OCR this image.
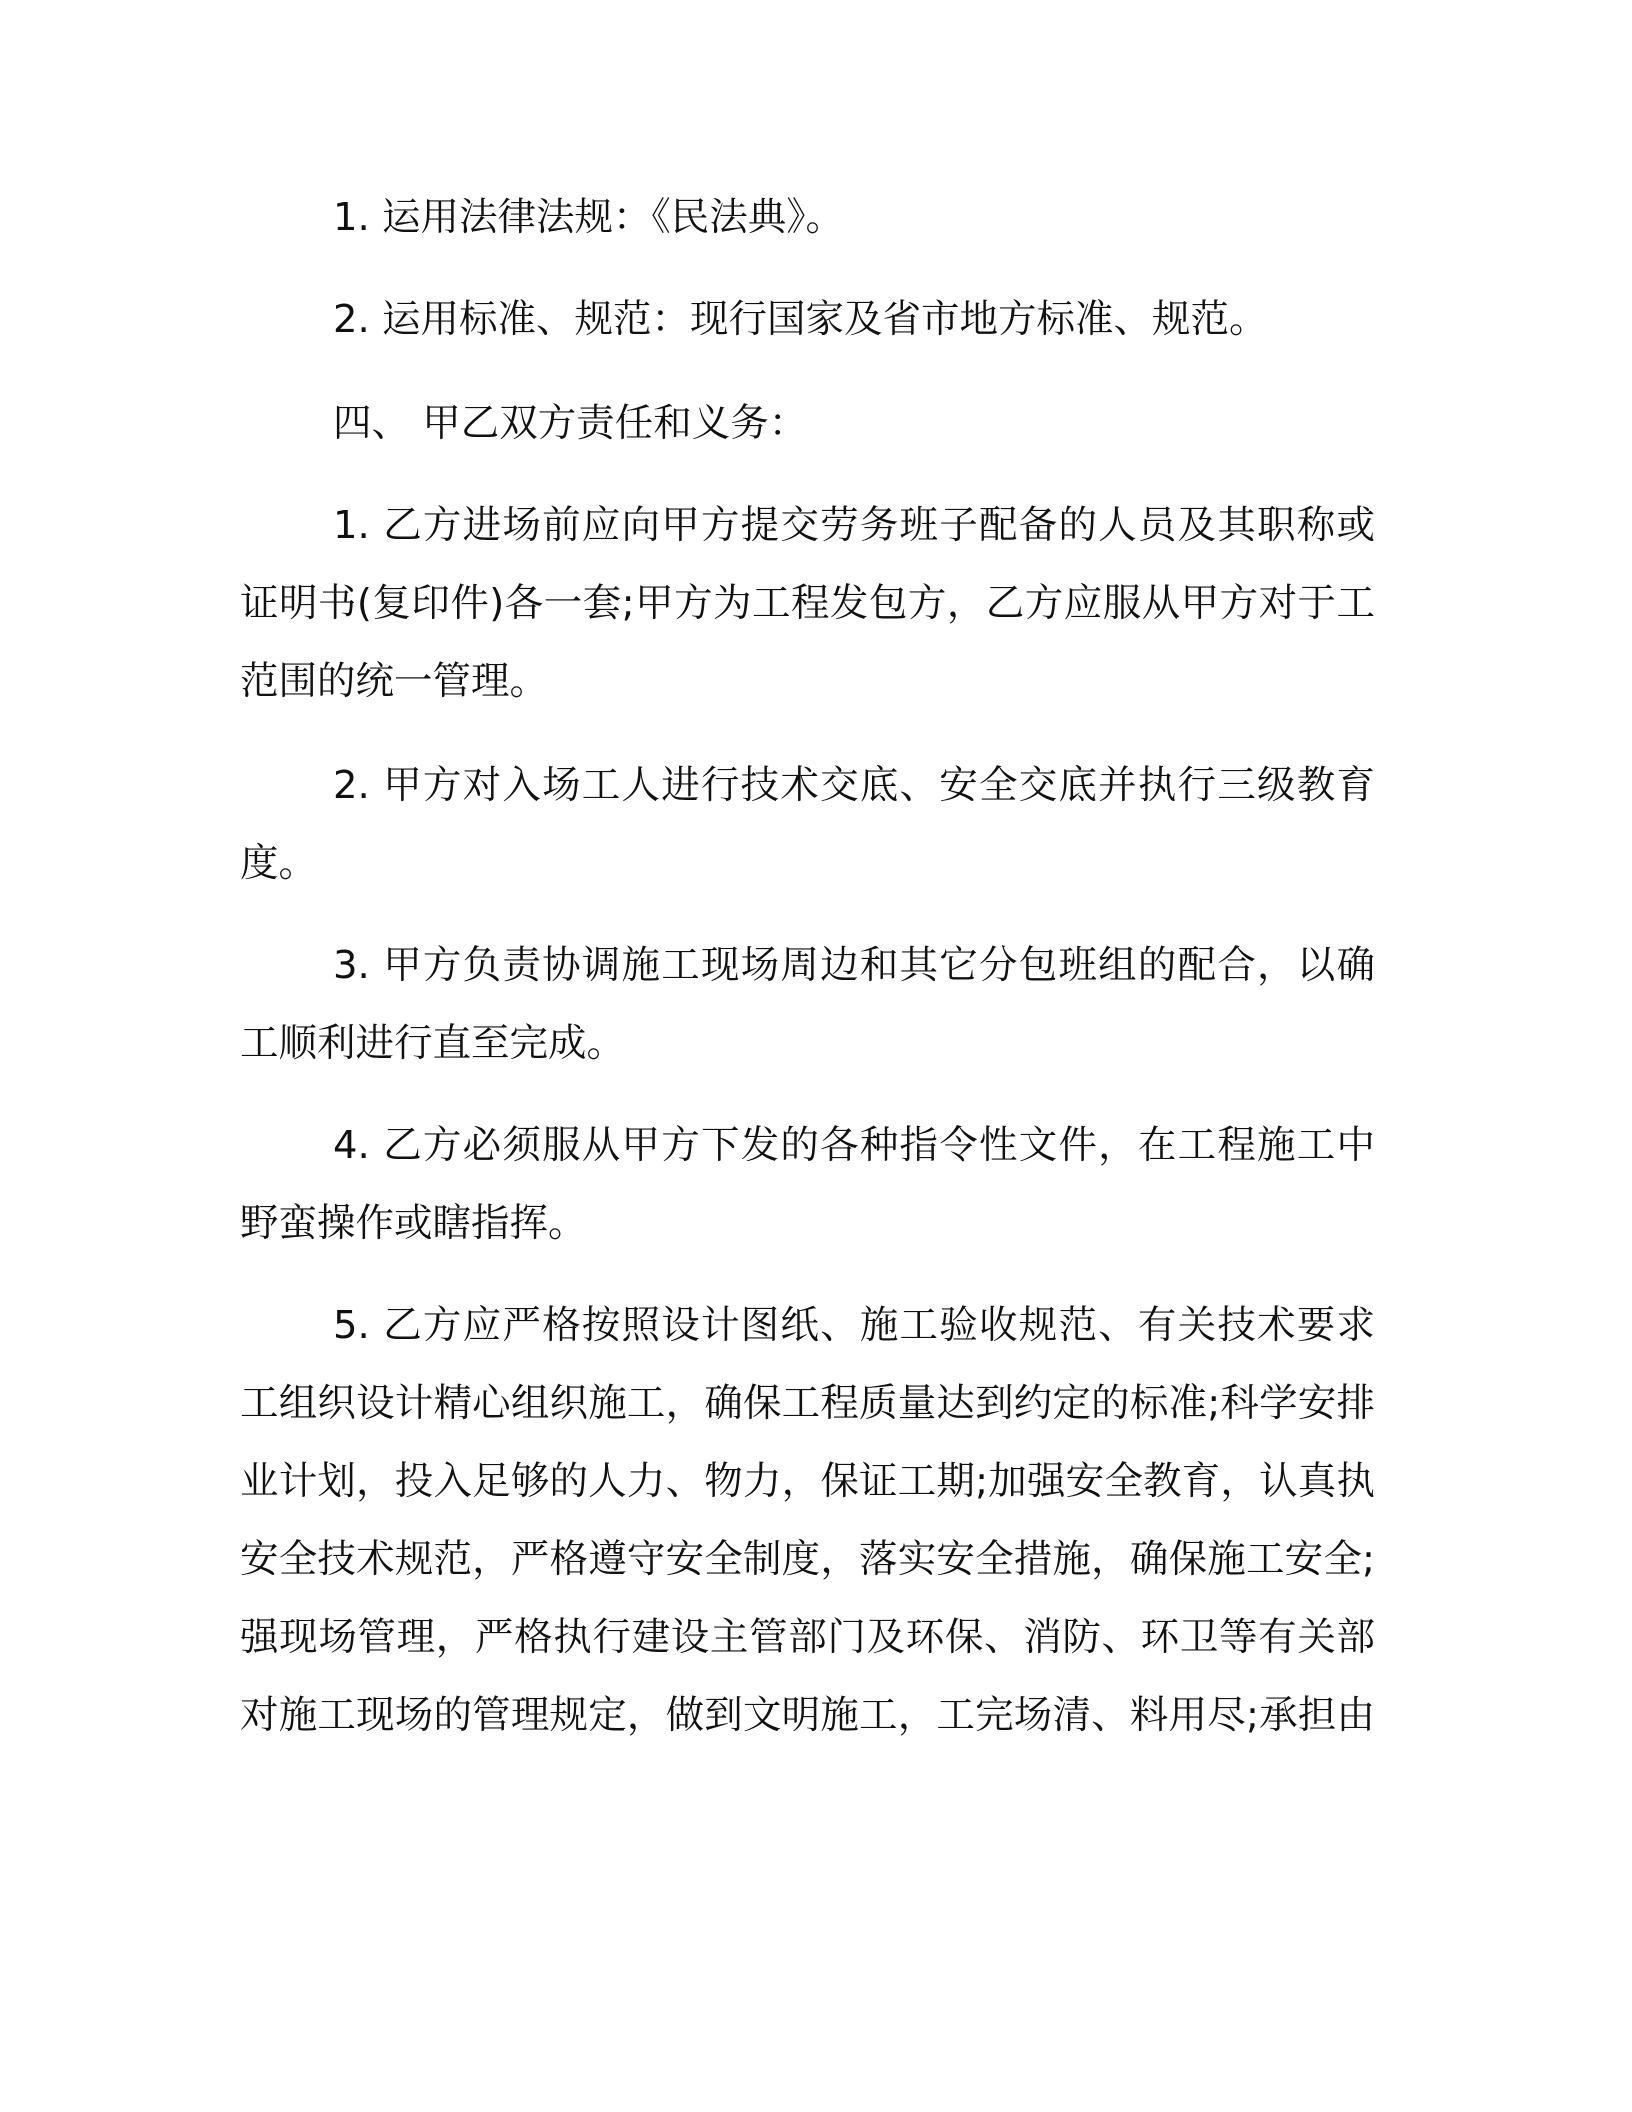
1. 运用法律法规：《民法典》。
2. 运用标准、规范：现行国家及省市地方标准、规范。
四、 甲乙双方责任和义务：
1. 乙方进场前应向甲方提交劳务班子配备的人员及其职称或
证明书(复印件)各一套;甲方为工程发包方，乙方应服从甲方对于工
范围的统一管理。
2. 甲方对入场工人进行技术交底、安全交底并执行三级教育
度。
3. 甲方负责协调施工现场周边和其它分包班组的配合，以确
工顺利进行直至完成。
4. 乙方必须服从甲方下发的各种指令性文件，在工程施工中
野蛮操作或瞎指挥。
5. 乙方应严格按照设计图纸、施工验收规范、有关技术要求
工组织设计精心组织施工，确保工程质量达到约定的标准;科学安排
业计划，投入足够的人力、物力，保证工期;加强安全教育，认真执
安全技术规范，严格遵守安全制度，落实安全措施，确保施工安全;
强现场管理，严格执行建设主管部门及环保、消防、环卫等有关部
对施工现场的管理规定，做到文明施工，工完场清、料用尽;承担由
